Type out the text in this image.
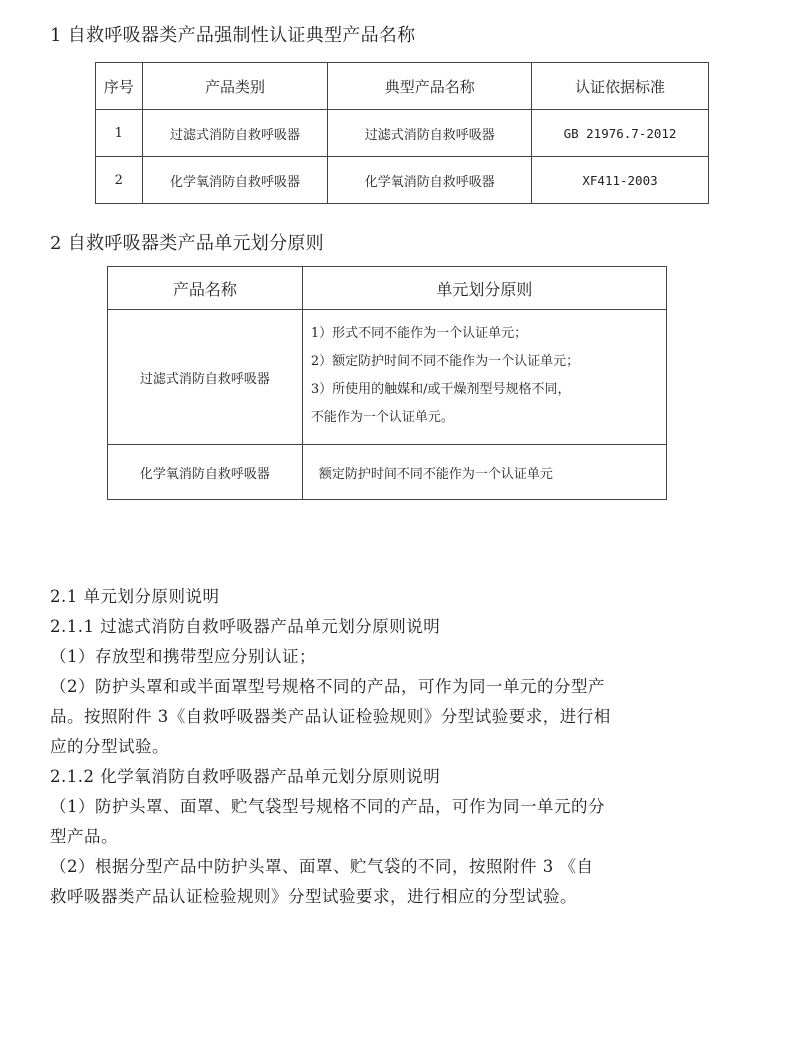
1 自救呼吸器类产品强制性认证典型产品名称
序号	产品类别	典型产品名称	认证依据标准
1	过滤式消防自救呼吸器	过滤式消防自救呼吸器	GB 21976.7-2012
2	化学氧消防自救呼吸器	化学氧消防自救呼吸器	XF411-2003
2 自救呼吸器类产品单元划分原则
产品名称	单元划分原则
过滤式消防自救呼吸器	1）形式不同不能作为一个认证单元；
2）额定防护时间不同不能作为一个认证单元；
3）所使用的触媒和/或干燥剂型号规格不同，
不能作为一个认证单元。

化学氧消防自救呼吸器	额定防护时间不同不能作为一个认证单元
2.1 单元划分原则说明
2.1.1 过滤式消防自救呼吸器产品单元划分原则说明
（1）存放型和携带型应分别认证；
（2）防护头罩和或半面罩型号规格不同的产品，可作为同一单元的分型产
品。按照附件 3《自救呼吸器类产品认证检验规则》分型试验要求，进行相
应的分型试验。
2.1.2 化学氧消防自救呼吸器产品单元划分原则说明
（1）防护头罩、面罩、贮气袋型号规格不同的产品，可作为同一单元的分
型产品。
（2）根据分型产品中防护头罩、面罩、贮气袋的不同，按照附件 3 《自
救呼吸器类产品认证检验规则》分型试验要求，进行相应的分型试验。
